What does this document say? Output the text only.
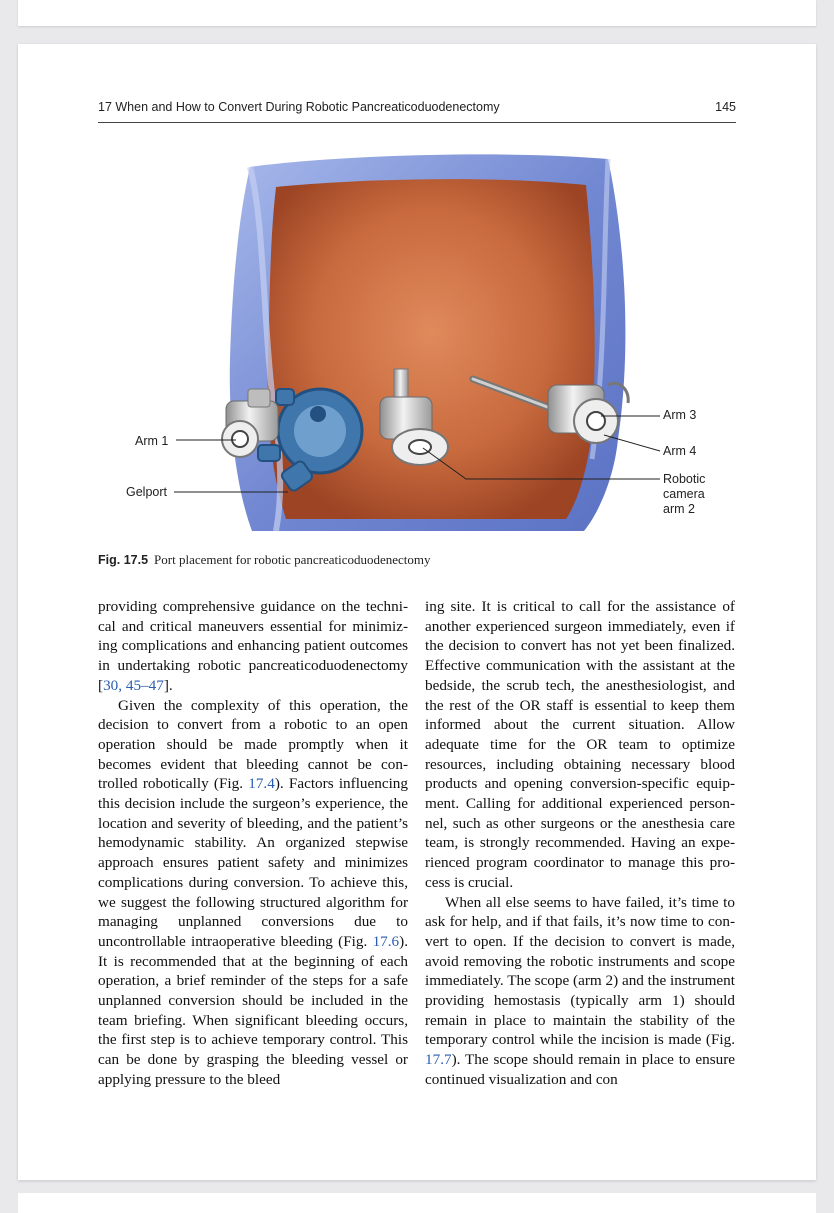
17 When and How to Convert During Robotic Pancreaticoduodenectomy	145
Arm 1
Gelport
Arm 3
Arm 4
Robotic
camera
arm 2
Fig. 17.5 Port placement for robotic pancreaticoduodenectomy

providing comprehensive guidance on the technical and critical maneuvers essential for minimizing complications and enhancing patient outcomes in undertaking robotic pancreaticoduodenectomy [30, 45–47].

Given the complexity of this operation, the decision to convert from a robotic to an open operation should be made promptly when it becomes evident that bleeding cannot be controlled robotically (Fig. 17.4). Factors influencing this decision include the surgeon’s experience, the location and severity of bleeding, and the patient’s hemodynamic stability. An organized stepwise approach ensures patient safety and minimizes complications during conversion. To achieve this, we suggest the following structured algorithm for managing unplanned conversions due to uncontrollable intraoperative bleeding (Fig. 17.6). It is recommended that at the beginning of each operation, a brief reminder of the steps for a safe unplanned conversion should be included in the team briefing. When significant bleeding occurs, the first step is to achieve temporary control. This can be done by grasping the bleeding vessel or applying pressure to the bleed

ing site. It is critical to call for the assistance of another experienced surgeon immediately, even if the decision to convert has not yet been finalized. Effective communication with the assistant at the bedside, the scrub tech, the anesthesiologist, and the rest of the OR staff is essential to keep them informed about the current situation. Allow adequate time for the OR team to optimize resources, including obtaining necessary blood products and opening conversion-specific equipment. Calling for additional experienced personnel, such as other surgeons or the anesthesia care team, is strongly recommended. Having an experienced program coordinator to manage this process is crucial.

When all else seems to have failed, it’s time to ask for help, and if that fails, it’s now time to convert to open. If the decision to convert is made, avoid removing the robotic instruments and scope immediately. The scope (arm 2) and the instrument providing hemostasis (typically arm 1) should remain in place to maintain the stability of the temporary control while the incision is made (Fig. 17.7). The scope should remain in place to ensure continued visualization and con
